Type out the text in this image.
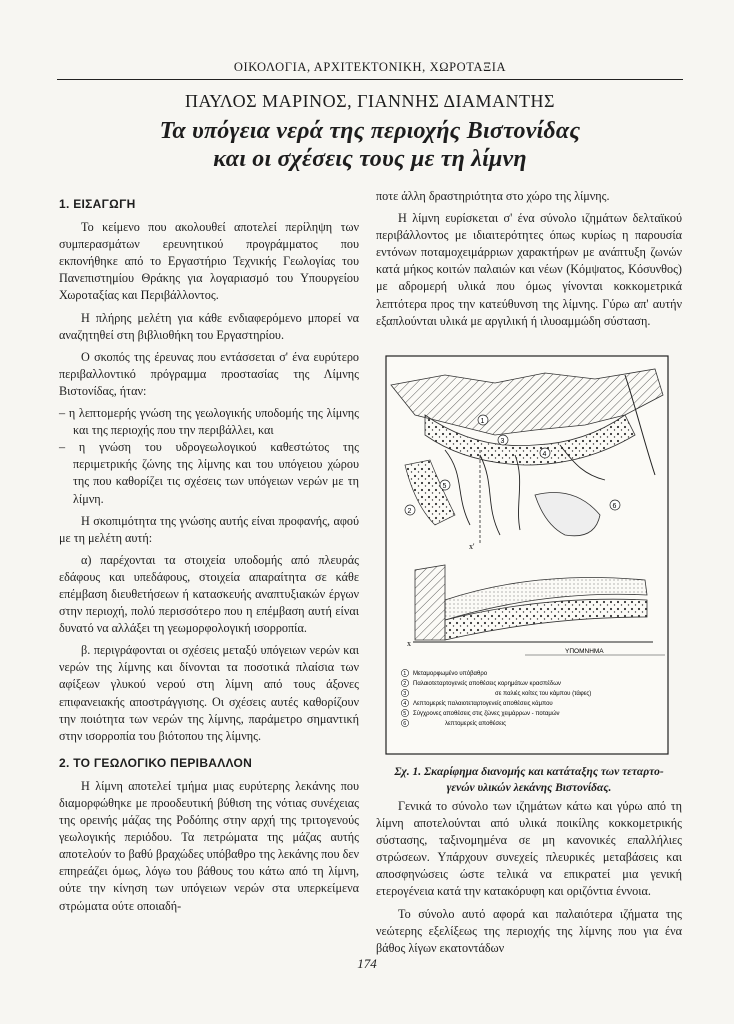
ΟΙΚΟΛΟΓΙΑ, ΑΡΧΙΤΕΚΤΟΝΙΚΗ, ΧΩΡΟΤΑΞΙΑ
ΠΑΥΛΟΣ ΜΑΡΙΝΟΣ, ΓΙΑΝΝΗΣ ΔΙΑΜΑΝΤΗΣ
Τα υπόγεια νερά της περιοχής Βιστονίδας
και οι σχέσεις τους με τη λίμνη
1. ΕΙΣΑΓΩΓΗ

Το κείμενο που ακολουθεί αποτελεί περίληψη των συμπερασμάτων ερευνητικού προγράμματος που εκπονήθηκε από το Εργαστήριο Τεχνικής Γεωλογίας του Πανεπιστημίου Θράκης για λογαριασμό του Υπουργείου Χωροταξίας και Περιβάλλοντος.

Η πλήρης μελέτη για κάθε ενδιαφερόμενο μπορεί να αναζητηθεί στη βιβλιοθήκη του Εργαστηρίου.

Ο σκοπός της έρευνας που εντάσσεται σ' ένα ευρύτερο περιβαλλοντικό πρόγραμμα προστασίας της Λίμνης Βιστονίδας, ήταν:

– η λεπτομερής γνώση της γεωλογικής υποδομής της λίμνης και της περιοχής που την περιβάλλει, και
– η γνώση του υδρογεωλογικού καθεστώτος της περιμετρικής ζώνης της λίμνης και του υπόγειου χώρου της που καθορίζει τις σχέσεις των υπόγειων νερών με τη λίμνη.

Η σκοπιμότητα της γνώσης αυτής είναι προφανής, αφού με τη μελέτη αυτή:

α) παρέχονται τα στοιχεία υποδομής από πλευράς εδάφους και υπεδάφους, στοιχεία απαραίτητα σε κάθε επέμβαση διευθετήσεων ή κατασκευής αναπτυξιακών έργων στην περιοχή, πολύ περισσότερο που η επέμβαση αυτή είναι δυνατό να αλλάξει τη γεωμορφολογική ισορροπία.

β. περιγράφονται οι σχέσεις μεταξύ υπόγειων νερών και νερών της λίμνης και δίνονται τα ποσοτικά πλαίσια των αφίξεων γλυκού νερού στη λίμνη από τους άξονες επιφανειακής αποστράγγισης. Οι σχέσεις αυτές καθορίζουν την ποιότητα των νερών της λίμνης, παράμετρο σημαντική στην ισορροπία του βιότοπου της λίμνης.

2. ΤΟ ΓΕΩΛΟΓΙΚΟ ΠΕΡΙΒΑΛΛΟΝ

Η λίμνη αποτελεί τμήμα μιας ευρύτερης λεκάνης που διαμορφώθηκε με προοδευτική βύθιση της νότιας συνέχειας της ορεινής μάζας της Ροδόπης στην αρχή της τριτογενούς γεωλογικής περιόδου. Τα πετρώματα της μάζας αυτής αποτελούν το βαθύ βραχώδες υπόβαθρο της λεκάνης που δεν επηρεάζει όμως, λόγω του βάθους του κάτω από τη λίμνη, ούτε την κίνηση των υπόγειων νερών στα υπερκείμενα στρώματα ούτε οποιαδή-

ποτε άλλη δραστηριότητα στο χώρο της λίμνης.

Η λίμνη ευρίσκεται σ' ένα σύνολο ιζημάτων δελταϊκού περιβάλλοντος με ιδιαιτερότητες όπως κυρίως η παρουσία εντόνων ποταμοχειμάρριων χαρακτήρων με ανάπτυξη ζωνών κατά μήκος κοιτών παλαιών και νέων (Κόμψατος, Κόσυνθος) με αδρομερή υλικά που όμως γίνονται κοκκομετρικά λεπτότερα προς την κατεύθυνση της λίμνης. Γύρω απ' αυτήν εξαπλούνται υλικά με αργιλική ή ιλυοαμμώδη σύσταση.

x'
1
2
3
4
5
6
x
ΥΠΟΜΝΗΜΑ
1 Μεταμορφωμένο υπόβαθρο
2 Παλαιοτεταρτογενείς αποθέσεις κορημάτων κρασπέδων
3	σε παλιές κοίτες του κάμπου (τάφες)
4 Λεπτομερείς παλαιοτεταρτογενείς αποθέσεις κάμπου
5 Σύγχρονες αποθέσεις στις ζώνες χειμάρρων - ποταμών
6	λεπτομερείς αποθέσεις
Σχ. 1. Σκαρίφημα διανομής και κατάταξης των τεταρτο-
γενών υλικών λεκάνης Βιστονίδας.

Γενικά το σύνολο των ιζημάτων κάτω και γύρω από τη λίμνη αποτελούνται από υλικά ποικίλης κοκκομετρικής σύστασης, ταξινομημένα σε μη κανονικές επαλλήλιες στρώσεων. Υπάρχουν συνεχείς πλευρικές μεταβάσεις και αποσφηνώσεις ώστε τελικά να επικρατεί μια γενική ετερογένεια κατά την κατακόρυφη και οριζόντια έννοια.

Το σύνολο αυτό αφορά και παλαιότερα ιζήματα της νεώτερης εξελίξεως της περιοχής της λίμνης που για ένα βάθος λίγων εκατοντάδων

174
